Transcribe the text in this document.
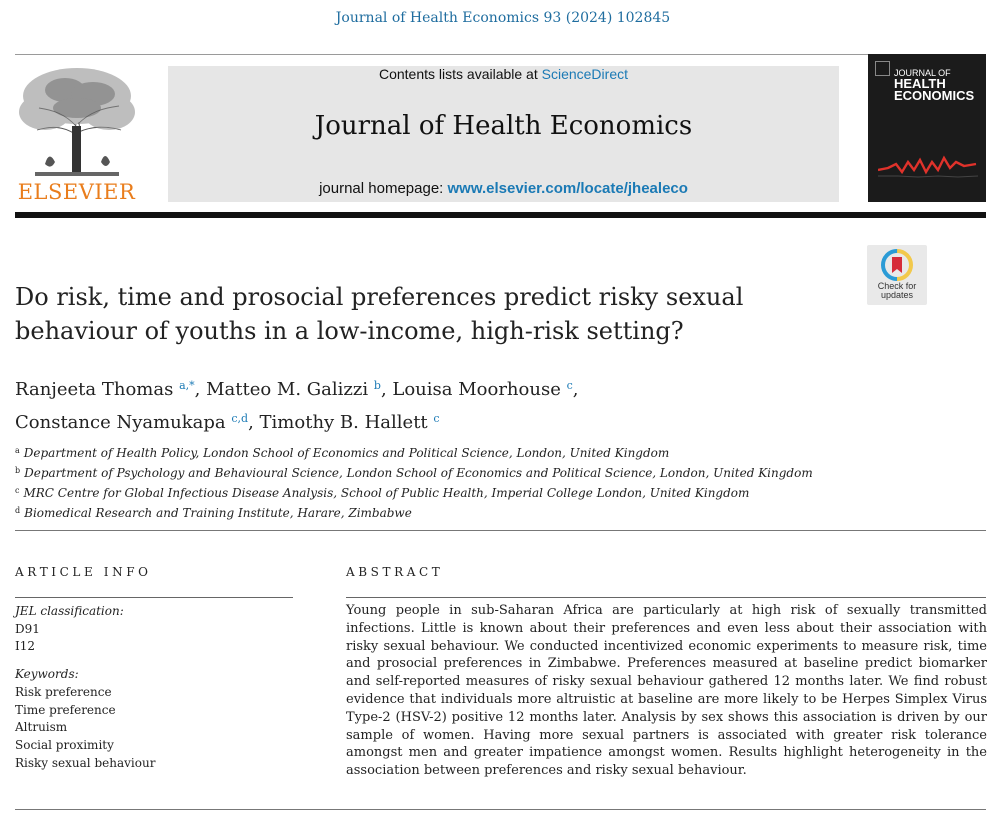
Journal of Health Economics 93 (2024) 102845
ELSEVIER
Contents lists available at ScienceDirect
Journal of Health Economics
journal homepage: www.elsevier.com/locate/jhealeco
JOURNAL OF
HEALTH
ECONOMICS
Check for
updates
Do risk, time and prosocial preferences predict risky sexual
behaviour of youths in a low-income, high-risk setting?
Ranjeeta Thomas $^{a,*}$, Matteo M. Galizzi $^b$, Louisa Moorhouse $^c$,
Constance Nyamukapa $^{c,d}$, Timothy B. Hallett $^c$
$^a$ Department of Health Policy, London School of Economics and Political Science, London, United Kingdom
$^b$ Department of Psychology and Behavioural Science, London School of Economics and Political Science, London, United Kingdom
$^c$ MRC Centre for Global Infectious Disease Analysis, School of Public Health, Imperial College London, United Kingdom
$^d$ Biomedical Research and Training Institute, Harare, Zimbabwe
ARTICLE INFO
JEL classification:
D91
I12
Keywords:
Risk preference
Time preference
Altruism
Social proximity
Risky sexual behaviour
ABSTRACT
Young people in sub-Saharan Africa are particularly at high risk of sexually transmitted infections. Little is known about their preferences and even less about their association with risky sexual behaviour. We conducted incentivized economic experiments to measure risk, time and prosocial preferences in Zimbabwe. Preferences measured at baseline predict biomarker and self-reported measures of risky sexual behaviour gathered 12 months later. We find robust evidence that individuals more altruistic at baseline are more likely to be Herpes Simplex Virus Type-2 (HSV-2) positive 12 months later. Analysis by sex shows this association is driven by our sample of women. Having more sexual partners is associated with greater risk tolerance amongst men and greater impatience amongst women. Results highlight heterogeneity in the association between preferences and risky sexual behaviour.
